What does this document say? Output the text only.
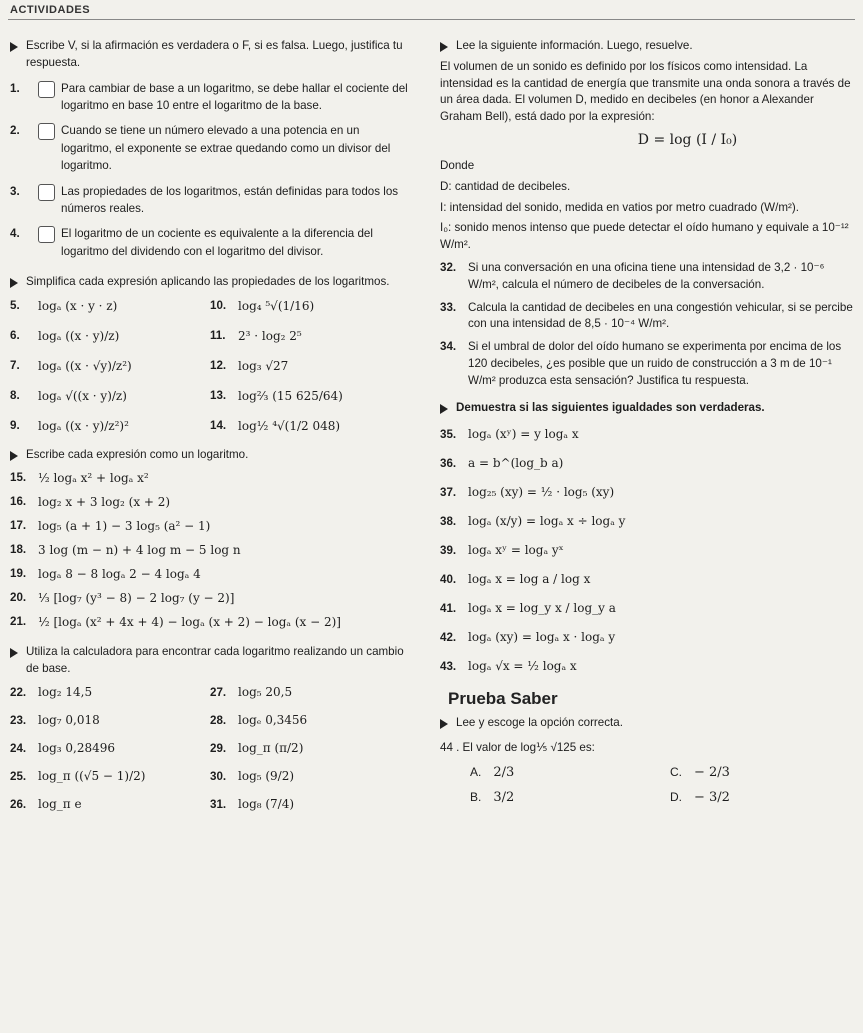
ACTIVIDADES
Escribe V, si la afirmación es verdadera o F, si es falsa. Luego, justifica tu respuesta.
1.	Para cambiar de base a un logaritmo, se debe hallar el cociente del logaritmo en base 10 entre el logaritmo de la base.
2.	Cuando se tiene un número elevado a una potencia en un logaritmo, el exponente se extrae quedando como un divisor del logaritmo.
3.	Las propiedades de los logaritmos, están definidas para todos los números reales.
4.	El logaritmo de un cociente es equivalente a la diferencia del logaritmo del dividendo con el logaritmo del divisor.
Simplifica cada expresión aplicando las propiedades de los logaritmos.
5.	logₐ (x · y · z)	10. log₄ ⁵√(1/16)
6.	logₐ ((x · y)/z)	11.	2³ · log₂ 2⁵
7.	logₐ ((x · √y)/z²)	12. log₃ √27
8.	logₐ √((x · y)/z)	13. log⅔ (15 625/64)
9.	logₐ ((x · y)/z²)²	14. log½ ⁴√(1/2 048)
Escribe cada expresión como un logaritmo.
15. ½ logₐ x² + logₐ x²
16. log₂ x + 3 log₂ (x + 2)
17. log₅ (a + 1) − 3 log₅ (a² − 1)
18. 3 log (m − n) + 4 log m − 5 log n
19. logₐ 8 − 8 logₐ 2 − 4 logₐ 4
20. ⅓ [log₇ (y³ − 8) − 2 log₇ (y − 2)]
21. ½ [logₐ (x² + 4x + 4) − logₐ (x + 2) − logₐ (x − 2)]
Utiliza la calculadora para encontrar cada logaritmo realizando un cambio de base.
22. log₂ 14,5	27. log₅ 20,5
23. log₇ 0,018	28. logₑ 0,3456
24. log₃ 0,28496	29. log_π (π/2)
25. log_π ((√5 − 1)/2)	30. log₅ (9/2)
26. log_π e	31. log₈ (7/4)
Lee la siguiente información. Luego, resuelve.
El volumen de un sonido es definido por los físicos como intensidad. La intensidad es la cantidad de energía que transmite una onda sonora a través de un área dada. El volumen D, medido en decibeles (en honor a Alexander Graham Bell), está dado por la expresión:
D = log (I / I₀)
Donde
D: cantidad de decibeles.
I: intensidad del sonido, medida en vatios por metro cuadrado (W/m²).
I₀: sonido menos intenso que puede detectar el oído humano y equivale a 10⁻¹² W/m².
32.	Si una conversación en una oficina tiene una intensidad de 3,2 · 10⁻⁶ W/m², calcula el número de decibeles de la conversación.
33.	Calcula la cantidad de decibeles en una congestión vehicular, si se percibe con una intensidad de 8,5 · 10⁻⁴ W/m².
34.	Si el umbral de dolor del oído humano se experimenta por encima de los 120 decibeles, ¿es posible que un ruido de construcción a 3 m de 10⁻¹ W/m² produzca esta sensación? Justifica tu respuesta.
Demuestra si las siguientes igualdades son verdaderas.
35. logₐ (xʸ) = y logₐ x
36. a = b^(log_b a)
37. log₂₅ (xy) = ½ · log₅ (xy)
38. logₐ (x/y) = logₐ x ÷ logₐ y
39. logₐ xʸ = logₐ yˣ
40. logₐ x = log a / log x
41. logₐ x = log_y x / log_y a
42. logₐ (xy) = logₐ x · logₐ y
43. logₐ √x = ½ logₐ x
Prueba Saber
Lee y escoge la opción correcta.
44 . El valor de log⅕ √125 es:
A. 2/3	C. − 2/3
B. 3/2	D. − 3/2
